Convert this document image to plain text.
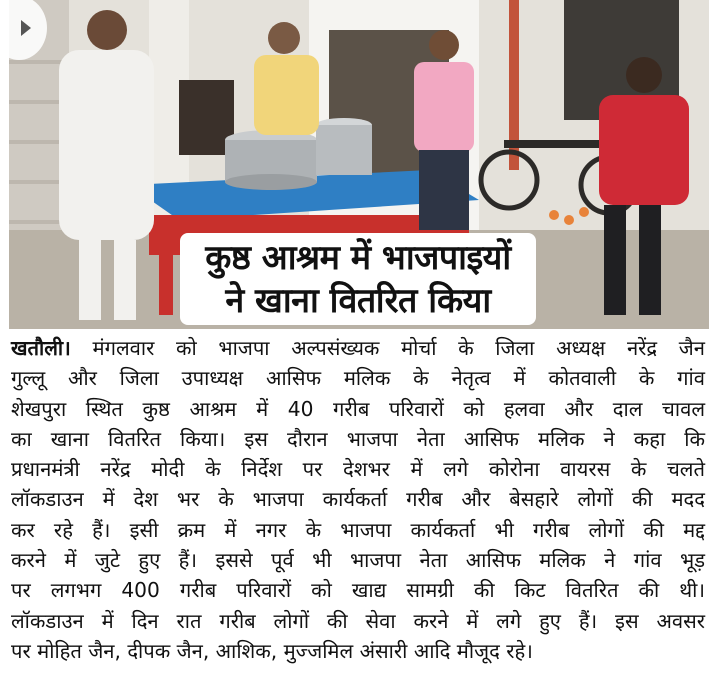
कुष्ठ आश्रम में भाजपाइयों
ने खाना वितरित किया
खतौली। मंगलवार को भाजपा अल्पसंख्यक मोर्चा के जिला अध्यक्ष नरेंद्र जैन
गुल्लू और जिला उपाध्यक्ष आसिफ मलिक के नेतृत्व में कोतवाली के गांव
शेखपुरा स्थित कुष्ठ आश्रम में 40 गरीब परिवारों को हलवा और दाल चावल
का खाना वितरित किया। इस दौरान भाजपा नेता आसिफ मलिक ने कहा कि
प्रधानमंत्री नरेंद्र मोदी के निर्देश पर देशभर में लगे कोरोना वायरस के चलते
लॉकडाउन में देश भर के भाजपा कार्यकर्ता गरीब और बेसहारे लोगों की मदद
कर रहे हैं। इसी क्रम में नगर के भाजपा कार्यकर्ता भी गरीब लोगों की मद्द
करने में जुटे हुए हैं। इससे पूर्व भी भाजपा नेता आसिफ मलिक ने गांव भूड़
पर लगभग 400 गरीब परिवारों को खाद्य सामग्री की किट वितरित की थी।
लॉकडाउन में दिन रात गरीब लोगों की सेवा करने में लगे हुए हैं। इस अवसर
पर मोहित जैन, दीपक जैन, आशिक, मुज्जमिल अंसारी आदि मौजूद रहे।
